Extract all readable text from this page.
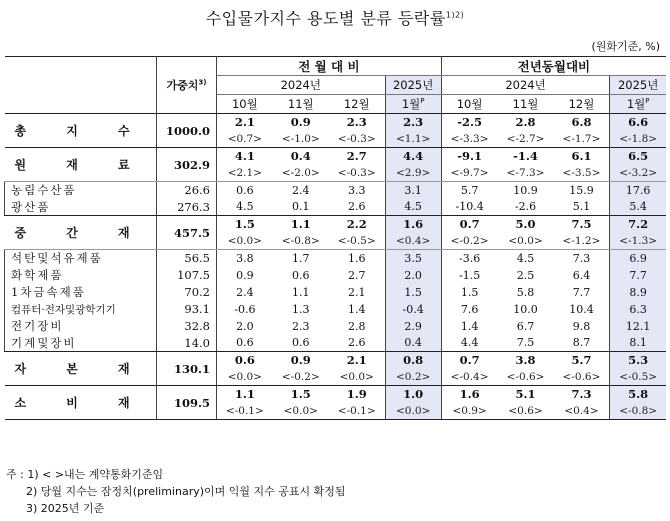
수입물가지수 용도별 분류 등락률$^{1)2)}$
(원화기준, %)
	가중치$^{3)}$	전 월 대 비				전년동월대비			
		2024년			2025년	2024년			2025년
		10월	11월	12월	1월$^P$	10월	11월	12월	1월$^P$
총 지 수	1000.0	2.1	0.9	2.3	2.3	-2.5	2.8	6.8	6.6
		<0.7>	<-1.0>	<-0.3>	<1.1>	<-3.3>	<-2.7>	<-1.7>	<-1.8>
원 재 료	302.9	4.1	0.4	2.7	4.4	-9.1	-1.4	6.1	6.5
		<2.1>	<-2.0>	<-0.3>	<2.9>	<-9.7>	<-7.3>	<-3.5>	<-3.2>
농림수산품	26.6	0.6	2.4	3.3	3.1	5.7	10.9	15.9	17.6
광산품	276.3	4.5	0.1	2.6	4.5	-10.4	-2.6	5.1	5.4
중 간 재	457.5	1.5	1.1	2.2	1.6	0.7	5.0	7.5	7.2
		<0.0>	<-0.8>	<-0.5>	<0.4>	<-0.2>	<0.0>	<-1.2>	<-1.3>
석탄및석유제품	56.5	3.8	1.7	1.6	3.5	-3.6	4.5	7.3	6.9
화학제품	107.5	0.9	0.6	2.7	2.0	-1.5	2.5	6.4	7.7
1차금속제품	70.2	2.4	1.1	2.1	1.5	1.5	5.8	7.7	8.9
컴퓨터·전자및광학기기	93.1	-0.6	1.3	1.4	-0.4	7.6	10.0	10.4	6.3
전기장비	32.8	2.0	2.3	2.8	2.9	1.4	6.7	9.8	12.1
기계및장비	14.0	0.6	0.6	2.6	0.4	4.4	7.5	8.7	8.1
자 본 재	130.1	0.6	0.9	2.1	0.8	0.7	3.8	5.7	5.3
		<0.0>	<-0.2>	<0.0>	<0.2>	<-0.4>	<-0.6>	<-0.6>	<-0.5>
소 비 재	109.5	1.1	1.5	1.9	1.0	1.6	5.1	7.3	5.8
		<-0.1>	<0.0>	<-0.1>	<0.0>	<0.9>	<0.6>	<0.4>	<-0.8>
주 : 1) < >내는 계약통화기준임
2) 당월 지수는 잠정치(preliminary)이며 익월 지수 공표시 확정됨
3) 2025년 기준
